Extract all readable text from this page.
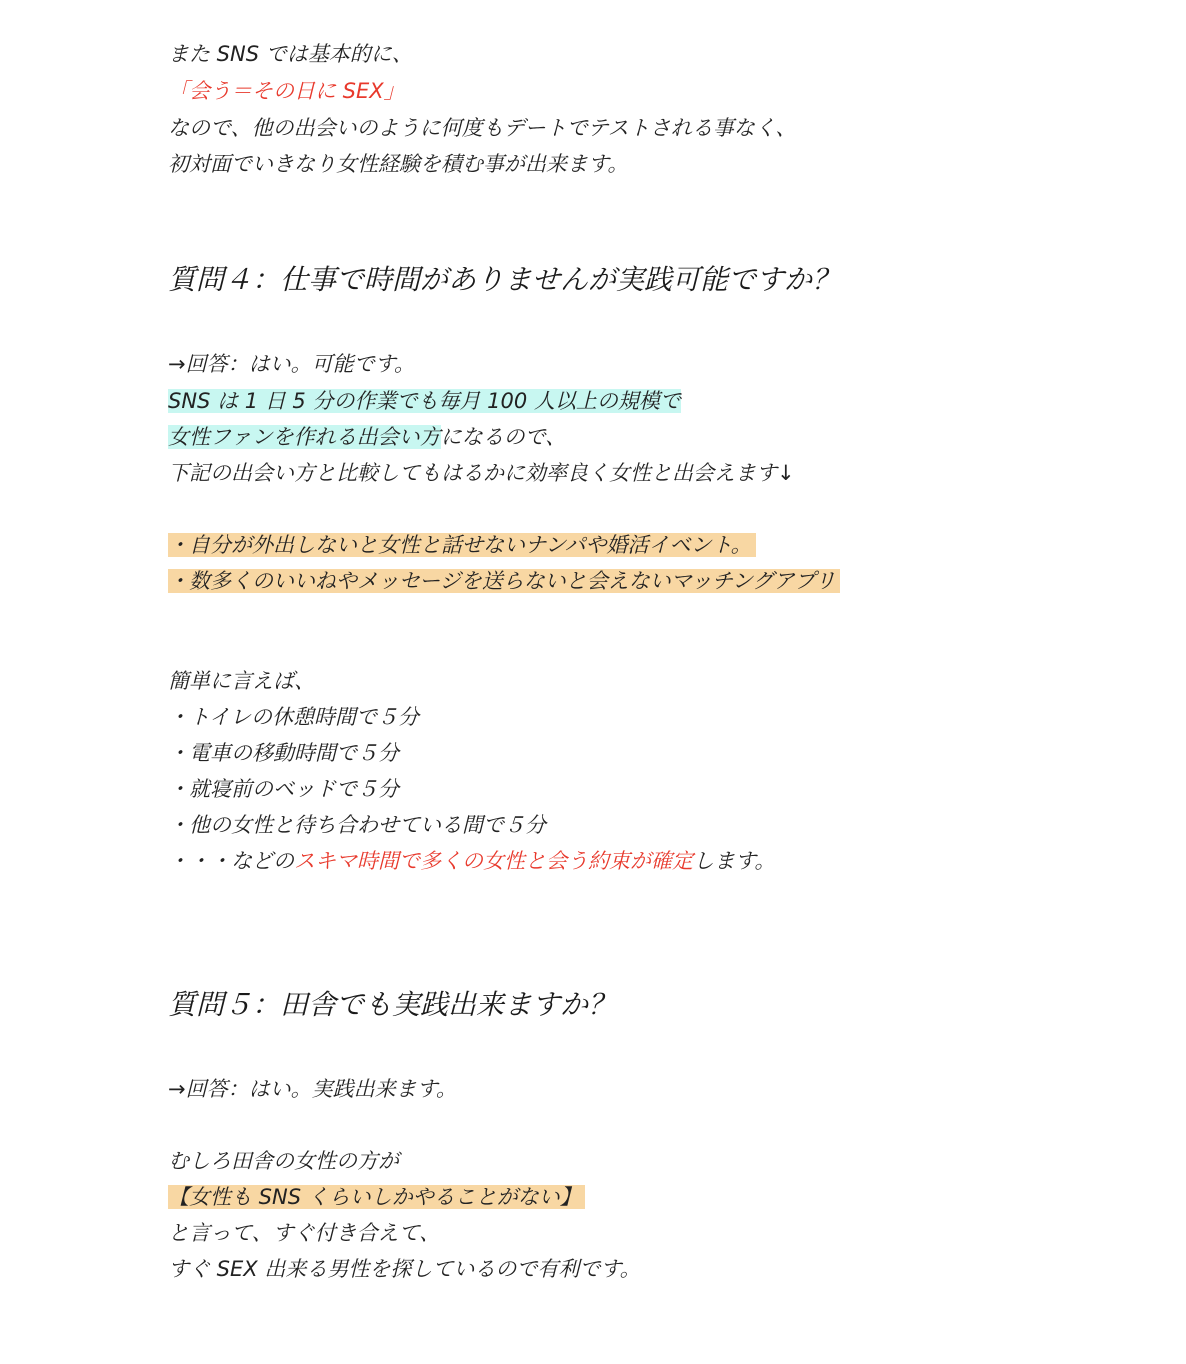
また SNS では基本的に、
「会う＝その日に SEX」
なので、他の出会いのように何度もデートでテストされる事なく、
初対面でいきなり女性経験を積む事が出来ます。
質問４：仕事で時間がありませんが実践可能ですか？
→回答：はい。可能です。
SNS は 1 日 5 分の作業でも毎月 100 人以上の規模で
女性ファンを作れる出会い方になるので、
下記の出会い方と比較してもはるかに効率良く女性と出会えます↓
・自分が外出しないと女性と話せないナンパや婚活イベント。
・数多くのいいねやメッセージを送らないと会えないマッチングアプリ
簡単に言えば、
・トイレの休憩時間で５分
・電車の移動時間で５分
・就寝前のベッドで５分
・他の女性と待ち合わせている間で５分
・・・などのスキマ時間で多くの女性と会う約束が確定します。
質問５：田舎でも実践出来ますか？
→回答：はい。実践出来ます。
むしろ田舎の女性の方が
【女性も SNS くらいしかやることがない】
と言って、すぐ付き合えて、
すぐ SEX 出来る男性を探しているので有利です。
